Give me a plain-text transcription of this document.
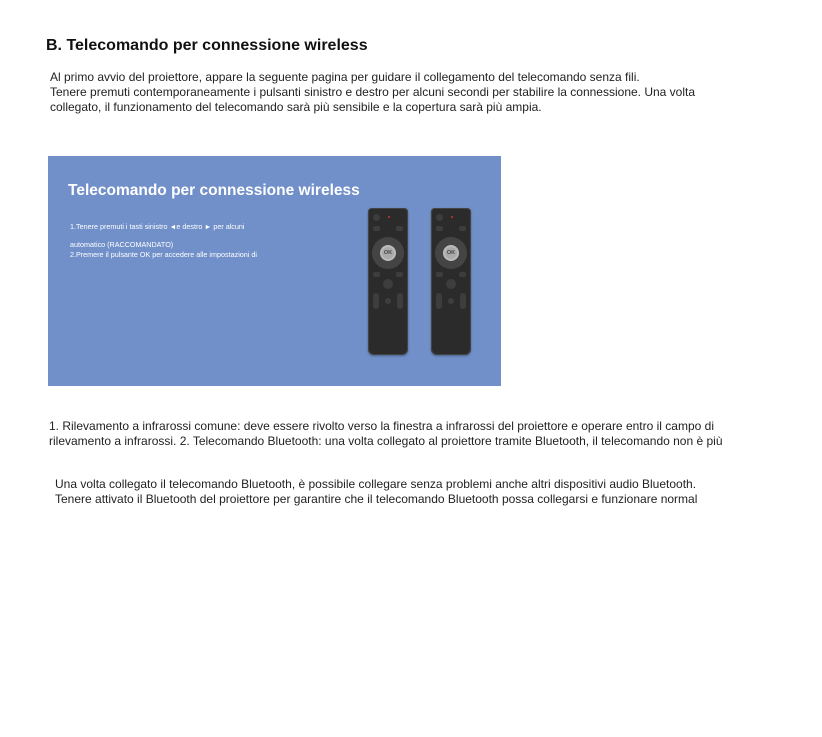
B. Telecomando per connessione wireless
Al primo avvio del proiettore, appare la seguente pagina per guidare il collegamento del telecomando senza fili.
Tenere premuti contemporaneamente i pulsanti sinistro e destro per alcuni secondi per stabilire la connessione. Una volta
collegato, il funzionamento del telecomando sarà più sensibile e la copertura sarà più ampia.
Telecomando per connessione wireless
1.Tenere premuti i tasti sinistro ◄e destro ► per alcuni
automatico (RACCOMANDATO)
2.Premere il pulsante OK per accedere alle impostazioni di	OK	OK
1. Rilevamento a infrarossi comune: deve essere rivolto verso la finestra a infrarossi del proiettore e operare entro il campo di
rilevamento a infrarossi. 2. Telecomando Bluetooth: una volta collegato al proiettore tramite Bluetooth, il telecomando non è più
Una volta collegato il telecomando Bluetooth, è possibile collegare senza problemi anche altri dispositivi audio Bluetooth.
Tenere attivato il Bluetooth del proiettore per garantire che il telecomando Bluetooth possa collegarsi e funzionare normal
